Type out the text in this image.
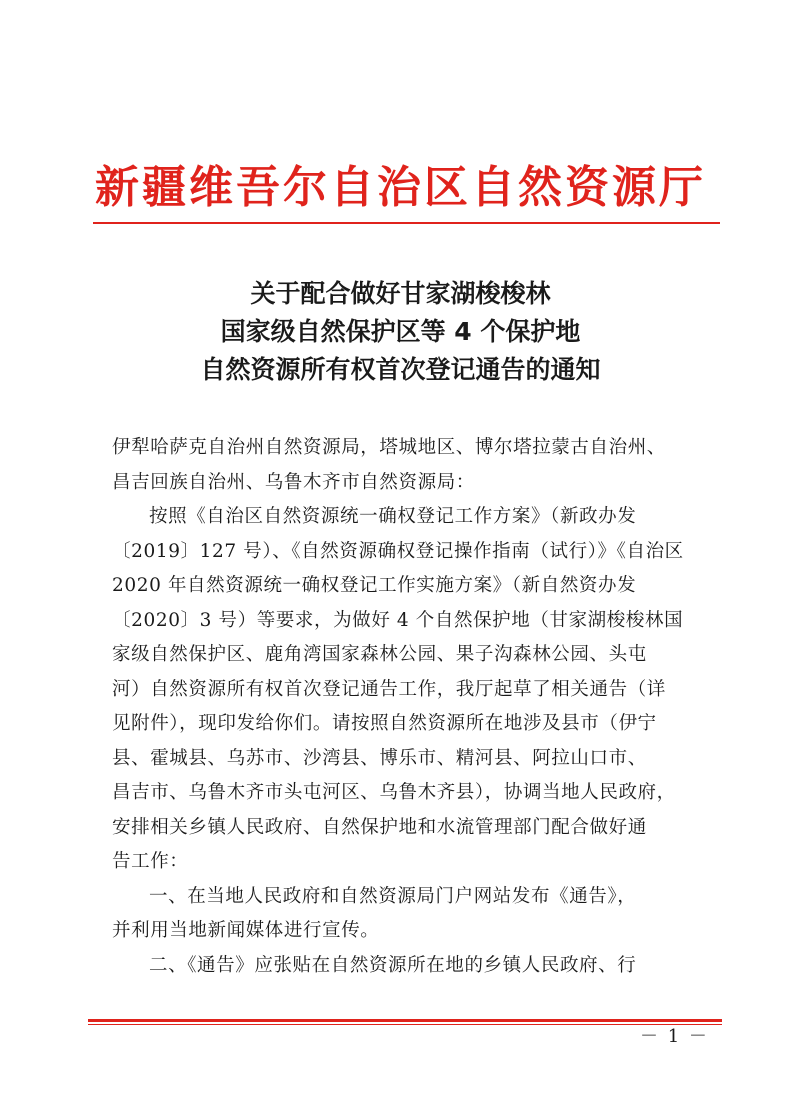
新疆维吾尔自治区自然资源厅
关于配合做好甘家湖梭梭林
国家级自然保护区等 4 个保护地
自然资源所有权首次登记通告的通知
伊犁哈萨克自治州自然资源局，塔城地区、博尔塔拉蒙古自治州、
昌吉回族自治州、乌鲁木齐市自然资源局：
按照《自治区自然资源统一确权登记工作方案》（新政办发
〔2019〕127 号）、《自然资源确权登记操作指南（试行）》《自治区
2020 年自然资源统一确权登记工作实施方案》（新自然资办发
〔2020〕3 号）等要求，为做好 4 个自然保护地（甘家湖梭梭林国
家级自然保护区、鹿角湾国家森林公园、果子沟森林公园、头屯
河）自然资源所有权首次登记通告工作，我厅起草了相关通告（详
见附件），现印发给你们。请按照自然资源所在地涉及县市（伊宁
县、霍城县、乌苏市、沙湾县、博乐市、精河县、阿拉山口市、
昌吉市、乌鲁木齐市头屯河区、乌鲁木齐县），协调当地人民政府，
安排相关乡镇人民政府、自然保护地和水流管理部门配合做好通
告工作：
一、在当地人民政府和自然资源局门户网站发布《通告》，
并利用当地新闻媒体进行宣传。
二、《通告》应张贴在自然资源所在地的乡镇人民政府、行
－ 1 －
